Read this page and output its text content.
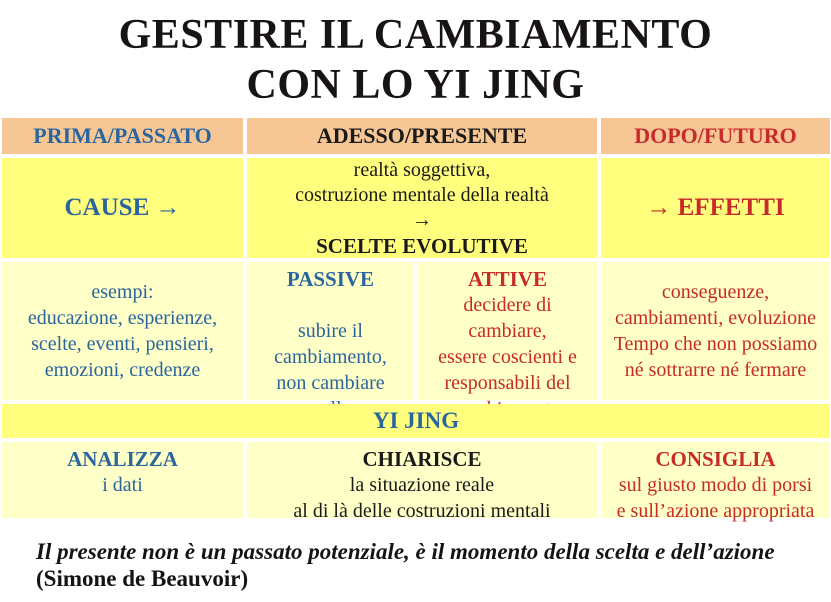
GESTIRE IL CAMBIAMENTO
CON LO YI JING
PRIMA/PASSATO	ADESSO/PRESENTE	DOPO/FUTURO
CAUSE →
realtà soggettiva,
costruzione mentale della realtà
→
SCELTE EVOLUTIVE
→ EFFETTI
esempi:
educazione, esperienze,
scelte, eventi, pensieri,
emozioni, credenze
PASSIVE
subire il
cambiamento,
non cambiare
ATTIVE
decidere di
cambiare,
essere coscienti e
responsabili del
conseguenze,
cambiamenti, evoluzione
Tempo che non possiamo
né sottrarre né fermare
YI JING
ANALIZZA
i dati
CHIARISCE
la situazione reale
al di là delle costruzioni mentali
CONSIGLIA
sul giusto modo di porsi
e sull’azione appropriata
Il presente non è un passato potenziale, è il momento della scelta e dell’azione
(Simone de Beauvoir)
